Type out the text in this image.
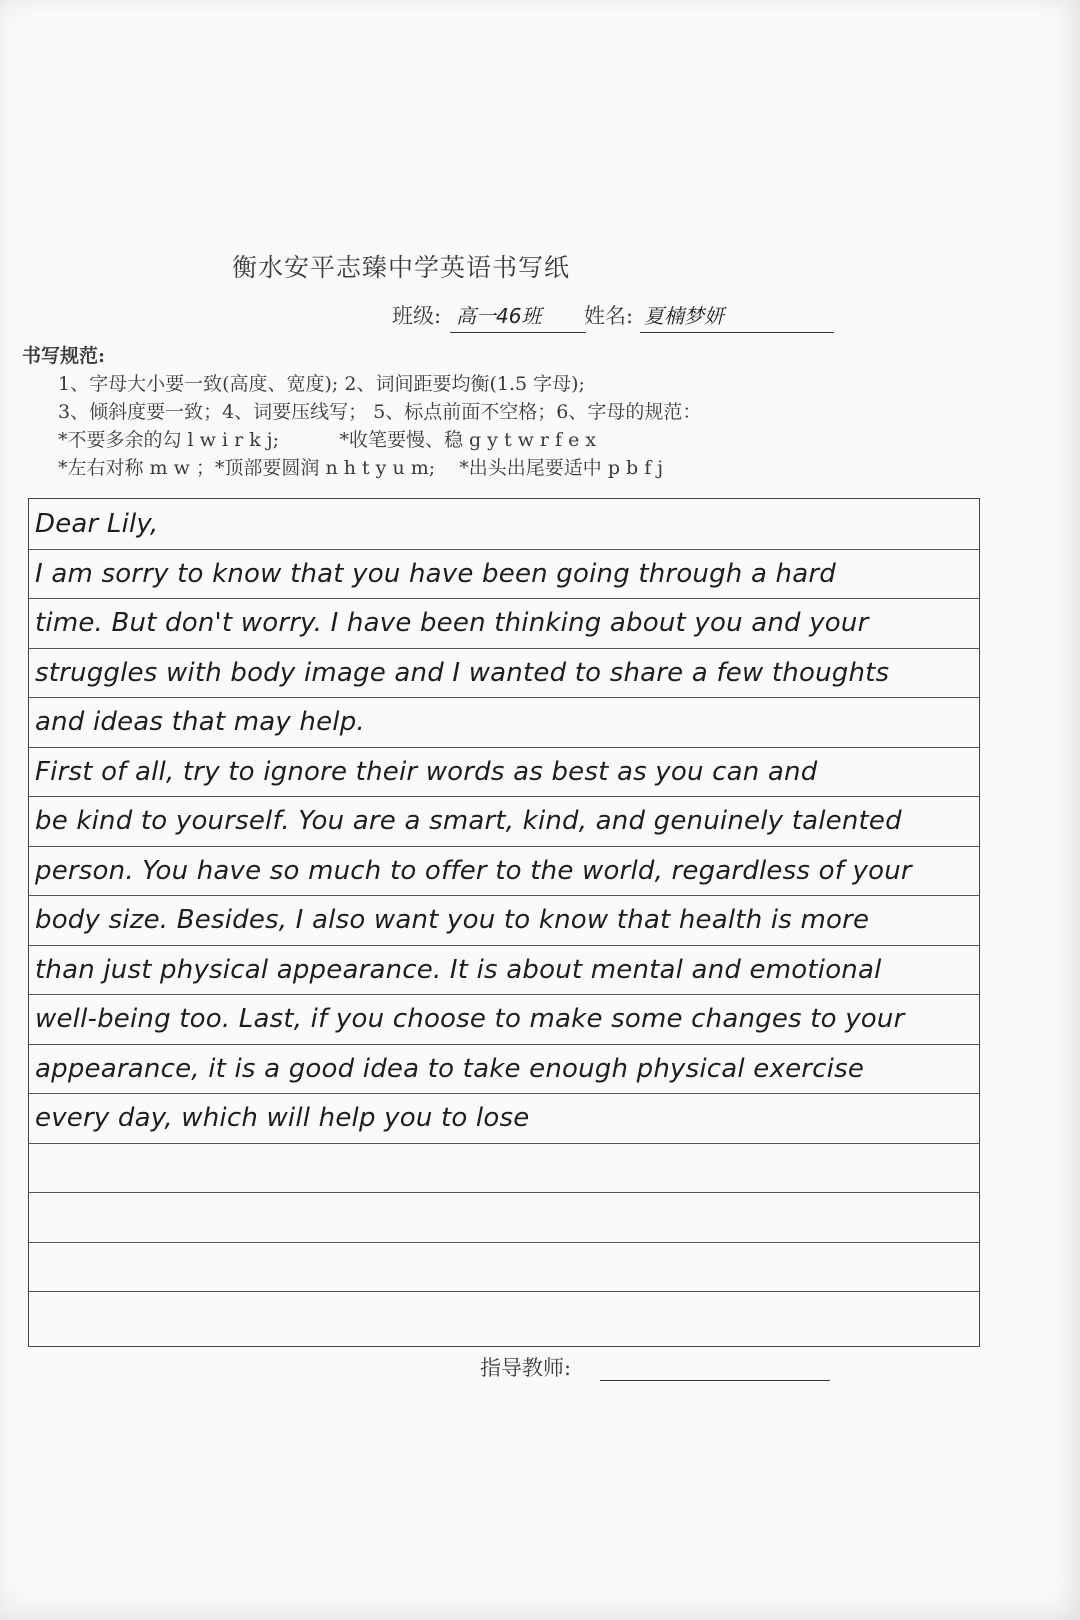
衡水安平志臻中学英语书写纸
班级: 高一46班	姓名: 夏楠梦妍
书写规范:
1、字母大小要一致(高度、宽度); 2、词间距要均衡(1.5 字母);
3、倾斜度要一致；4、词要压线写； 5、标点前面不空格；6、字母的规范：
*不要多余的勾 l w i r k j;          *收笔要慢、稳 g y t w r f e x
*左右对称 m w ；*顶部要圆润 n h t y u m;    *出头出尾要适中 p b f j
Dear Lily,
I am sorry to know that you have been going through a hard
time. But don't worry. I have been thinking about you and your
struggles with body image and I wanted to share a few thoughts
and ideas that may help.
First of all, try to ignore their words as best as you can and
be kind to yourself. You are a smart, kind, and genuinely talented
person. You have so much to offer to the world, regardless of your
body size. Besides, I also want you to know that health is more
than just physical appearance. It is about mental and emotional
well-being too. Last, if you choose to make some changes to your
appearance, it is a good idea to take enough physical exercise
every day, which will help you to lose
指导教师:
